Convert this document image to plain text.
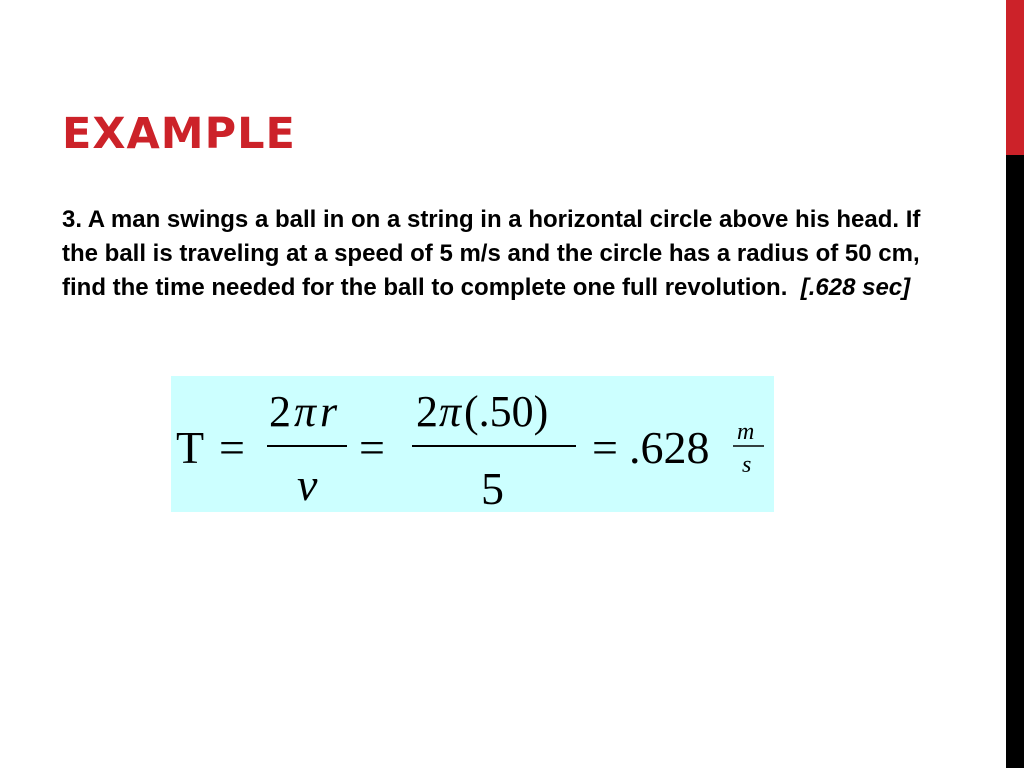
EXAMPLE

3. A man swings a ball in on a string in a horizontal circle above his head. If the ball is traveling at a speed of 5 m/s and the circle has a radius of 50 cm, find the time needed for the ball to complete one full revolution. [.628 sec]

T =
2 π r
v
=
2 π (.50)
5
= .628 m
s
